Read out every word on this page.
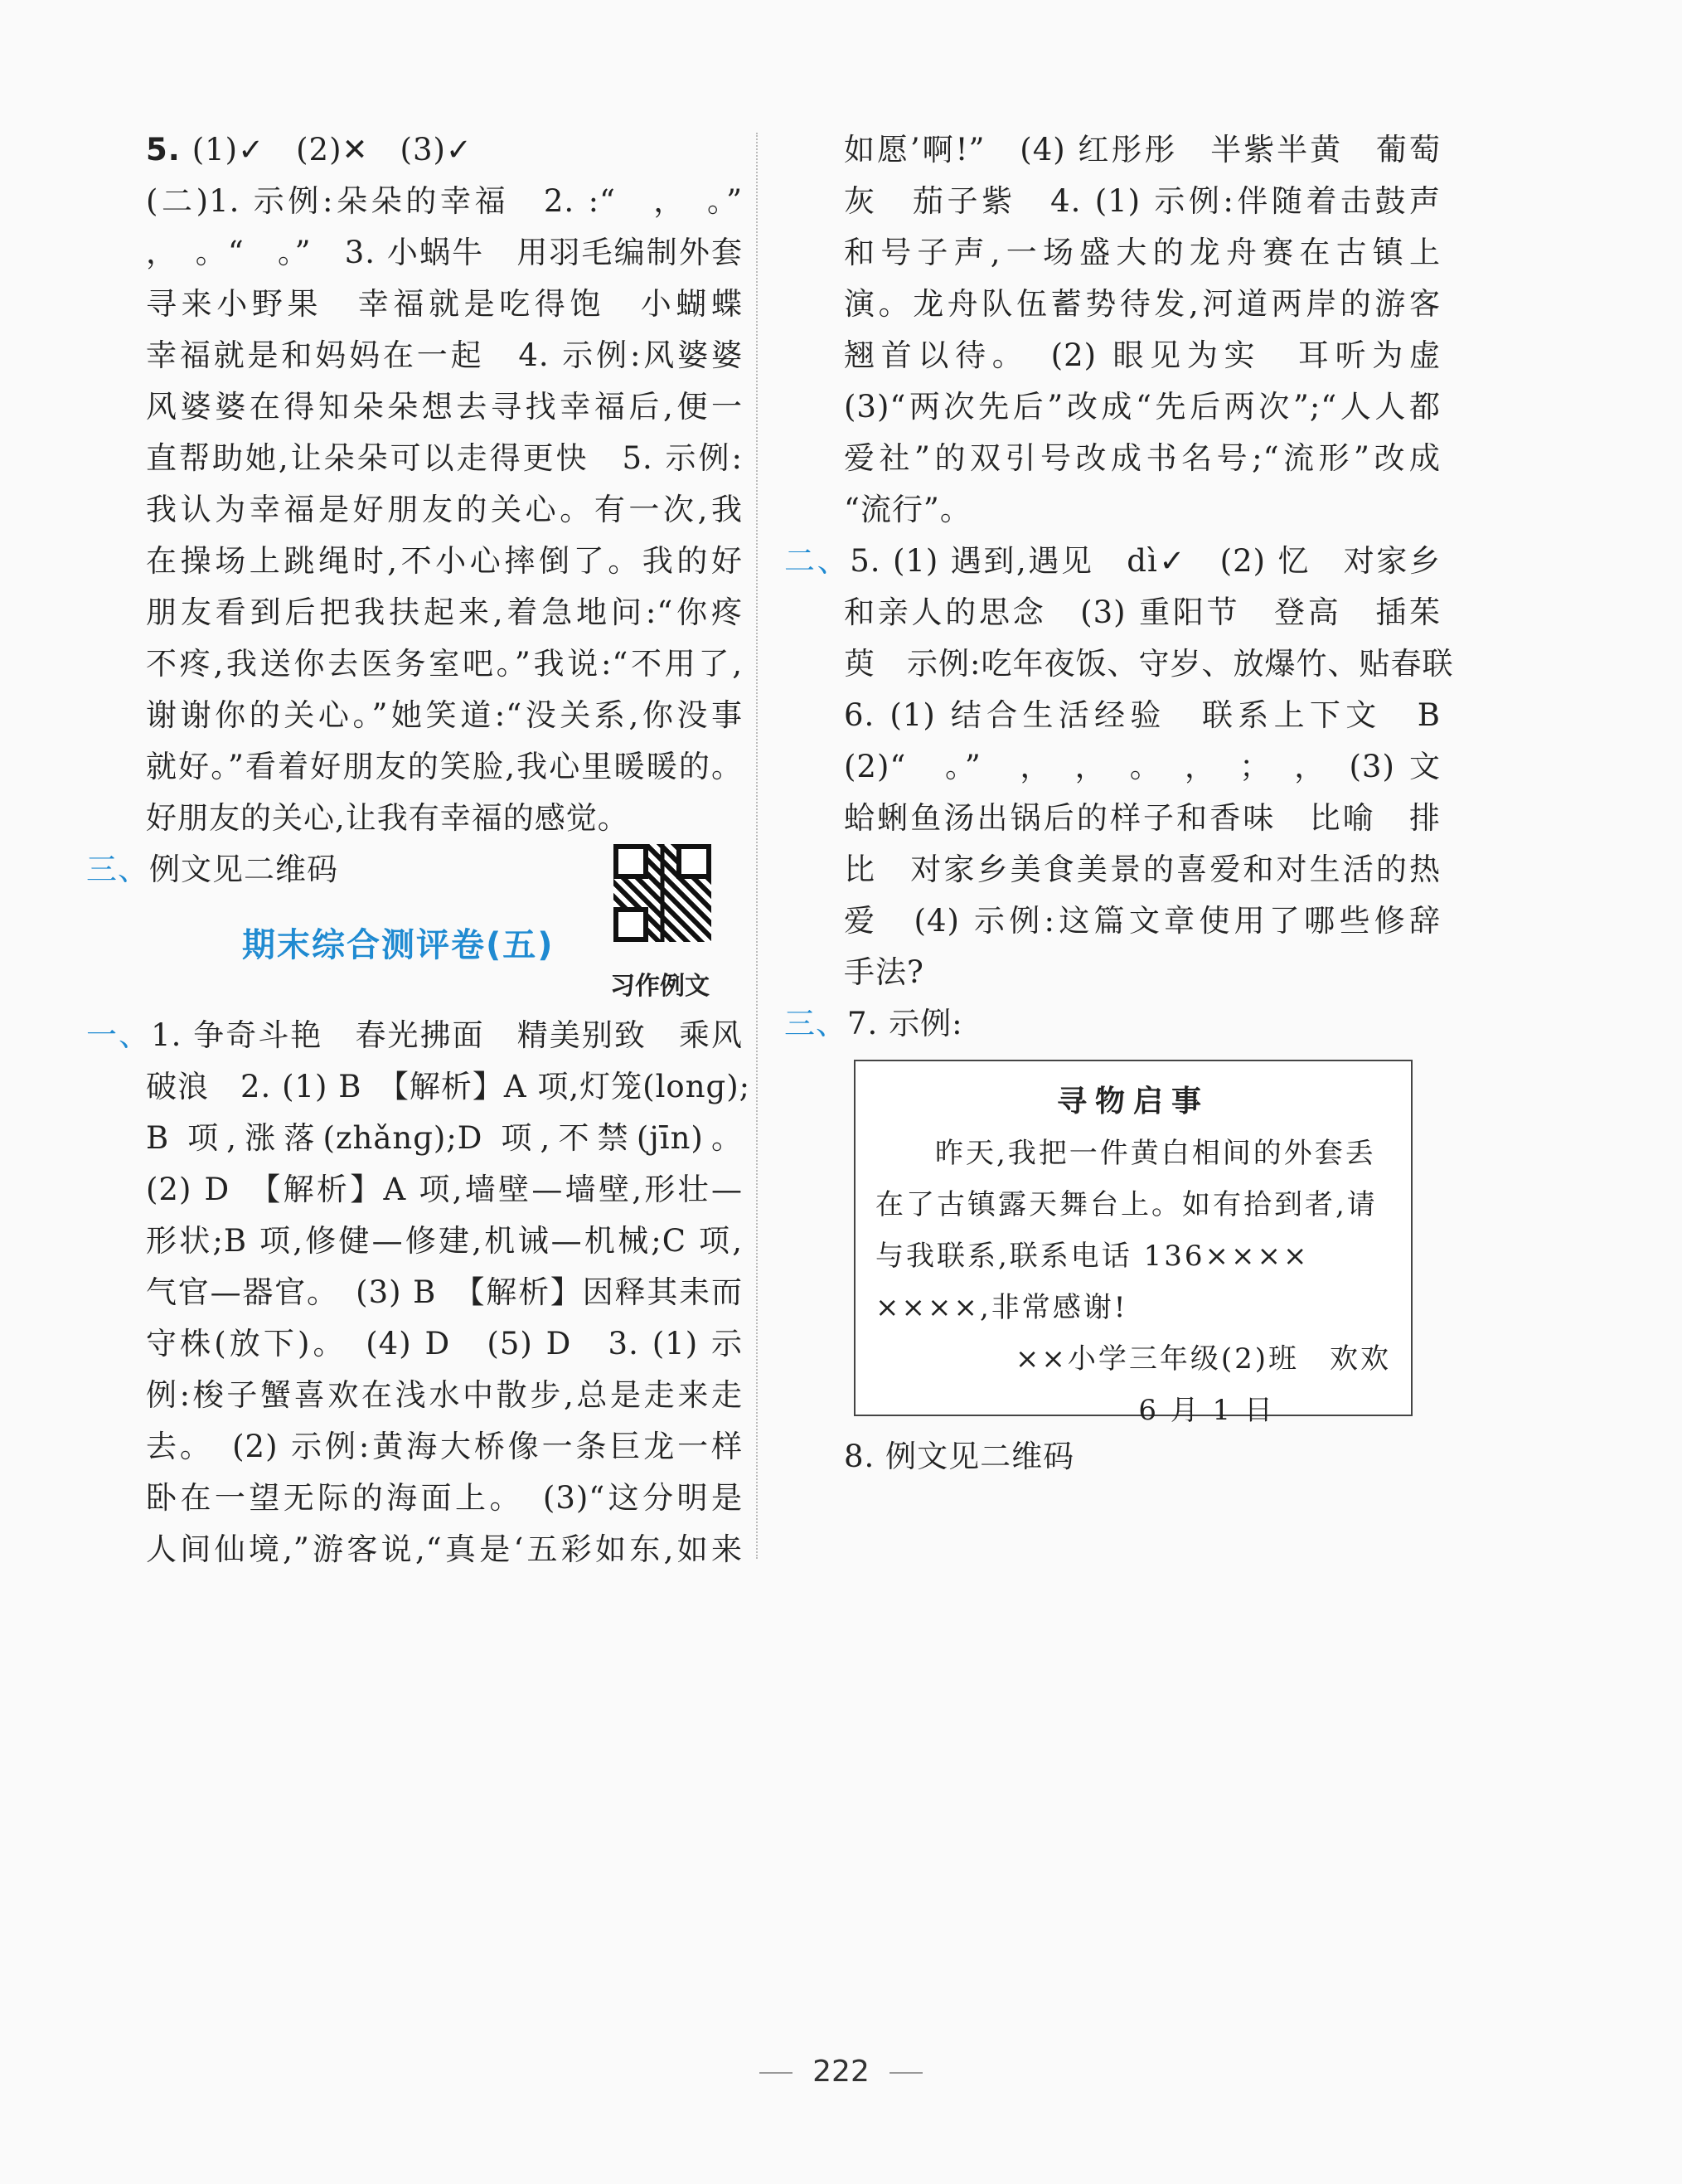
5. (1)✓　(2)✕　(3)✓
(二)1. 示例:朵朵的幸福　2. :“　，　。”
，　。“　。”　3. 小蜗牛　用羽毛编制外套
寻来小野果　幸福就是吃得饱　小蝴蝶
幸福就是和妈妈在一起　4. 示例:风婆婆
风婆婆在得知朵朵想去寻找幸福后,便一
直帮助她,让朵朵可以走得更快　5. 示例:
我认为幸福是好朋友的关心。有一次,我
在操场上跳绳时,不小心摔倒了。我的好
朋友看到后把我扶起来,着急地问:“你疼
不疼,我送你去医务室吧。”我说:“不用了,
谢谢你的关心。”她笑道:“没关系,你没事
就好。”看着好朋友的笑脸,我心里暖暖的。
好朋友的关心,让我有幸福的感觉。
三、例文见二维码
期末综合测评卷(五)
习作例文
一、1. 争奇斗艳　春光拂面　精美别致　乘风
破浪　2. (1) B　【解析】A 项,灯笼(lonɡ);
B 项,涨落(zhǎnɡ);D 项,不禁(jīn)。
(2) D　【解析】A 项,墙壁—墙壁,形壮—
形状;B 项,修健—修建,机诫—机械;C 项,
气官—器官。　(3) B　【解析】因释其耒而
守株(放下)。　(4) D　(5) D　3. (1) 示
例:梭子蟹喜欢在浅水中散步,总是走来走
去。　(2) 示例:黄海大桥像一条巨龙一样
卧在一望无际的海面上。　(3)“这分明是
人间仙境,”游客说,“真是‘五彩如东,如来
如愿’啊!”　(4) 红彤彤　半紫半黄　葡萄
灰　茄子紫　4. (1) 示例:伴随着击鼓声
和号子声,一场盛大的龙舟赛在古镇上
演。龙舟队伍蓄势待发,河道两岸的游客
翘首以待。　(2) 眼见为实　耳听为虚
(3)“两次先后”改成“先后两次”;“人人都
爱社”的双引号改成书名号;“流形”改成
“流行”。
二、5. (1) 遇到,遇见　dì✓　(2) 忆　对家乡
和亲人的思念　(3) 重阳节　登高　插茱
萸　示例:吃年夜饭、守岁、放爆竹、贴春联
6. (1) 结合生活经验　联系上下文　B
(2)“　。”　，　，　。　，　；　，　(3) 文
蛤蜊鱼汤出锅后的样子和香味　比喻　排
比　对家乡美食美景的喜爱和对生活的热
爱　(4) 示例:这篇文章使用了哪些修辞
手法?
三、7. 示例:
寻物启事
昨天,我把一件黄白相间的外套丢
在了古镇露天舞台上。如有拾到者,请
与我联系,联系电话 136××××
××××,非常感谢!
××小学三年级(2)班　欢欢
6 月 1 日
8. 例文见二维码
222
